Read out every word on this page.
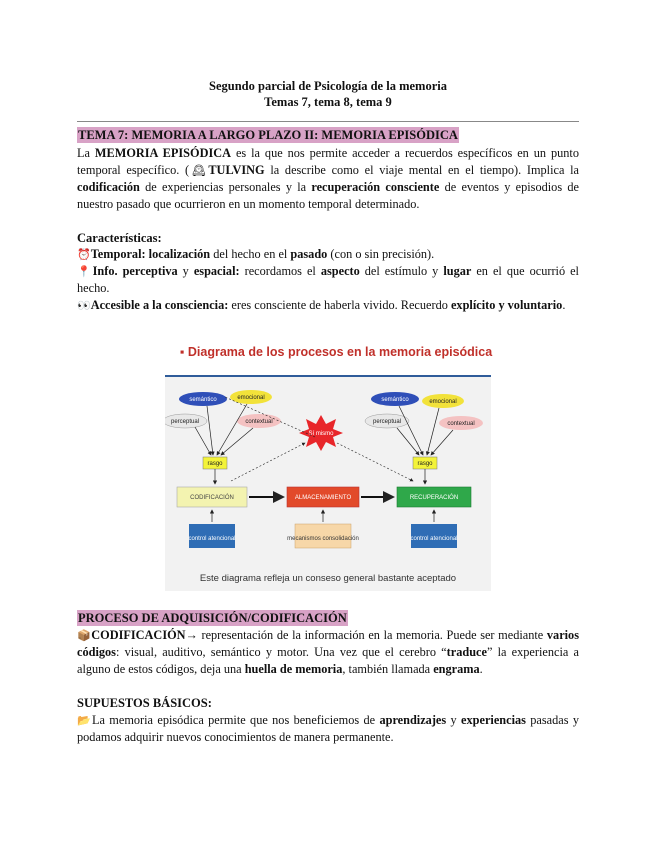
Segundo parcial de Psicología de la memoria
Temas 7, tema 8, tema 9
TEMA 7: MEMORIA A LARGO PLAZO II: MEMORIA EPISÓDICA
La MEMORIA EPISÓDICA es la que nos permite acceder a recuerdos específicos en un punto temporal específico. (🕰TULVING la describe como el viaje mental en el tiempo). Implica la codificación de experiencias personales y la recuperación consciente de eventos y episodios de nuestro pasado que ocurrieron en un momento temporal determinado.
Características:
⏰Temporal: localización del hecho en el pasado (con o sin precisión).
📍Info. perceptiva y espacial: recordamos el aspecto del estímulo y lugar en el que ocurrió el hecho.
👀Accesible a la consciencia: eres consciente de haberla vivido. Recuerdo explícito y voluntario.
PROCESO DE ADQUISICIÓN/CODIFICACIÓN
📦CODIFICACIÓN→ representación de la información en la memoria. Puede ser mediante varios códigos: visual, auditivo, semántico y motor. Una vez que el cerebro “traduce” la experiencia a alguno de estos códigos, deja una huella de memoria, también llamada engrama.
SUPUESTOS BÁSICOS:
📂La memoria episódica permite que nos beneficiemos de aprendizajes y experiencias pasadas y podamos adquirir nuevos conocimientos de manera permanente.
▪ Diagrama de los procesos en la memoria episódica
semántico	emocional
perceptual	contextual
rasgo
semántico	emocional
perceptual	contextual
rasgo
Sí mismo
CODIFICACIÓN	ALMACENAMIENTO	RECUPERACIÓN
control atencional	mecanismos consolidación	control atencional
Este diagrama refleja un conseso general bastante aceptado
